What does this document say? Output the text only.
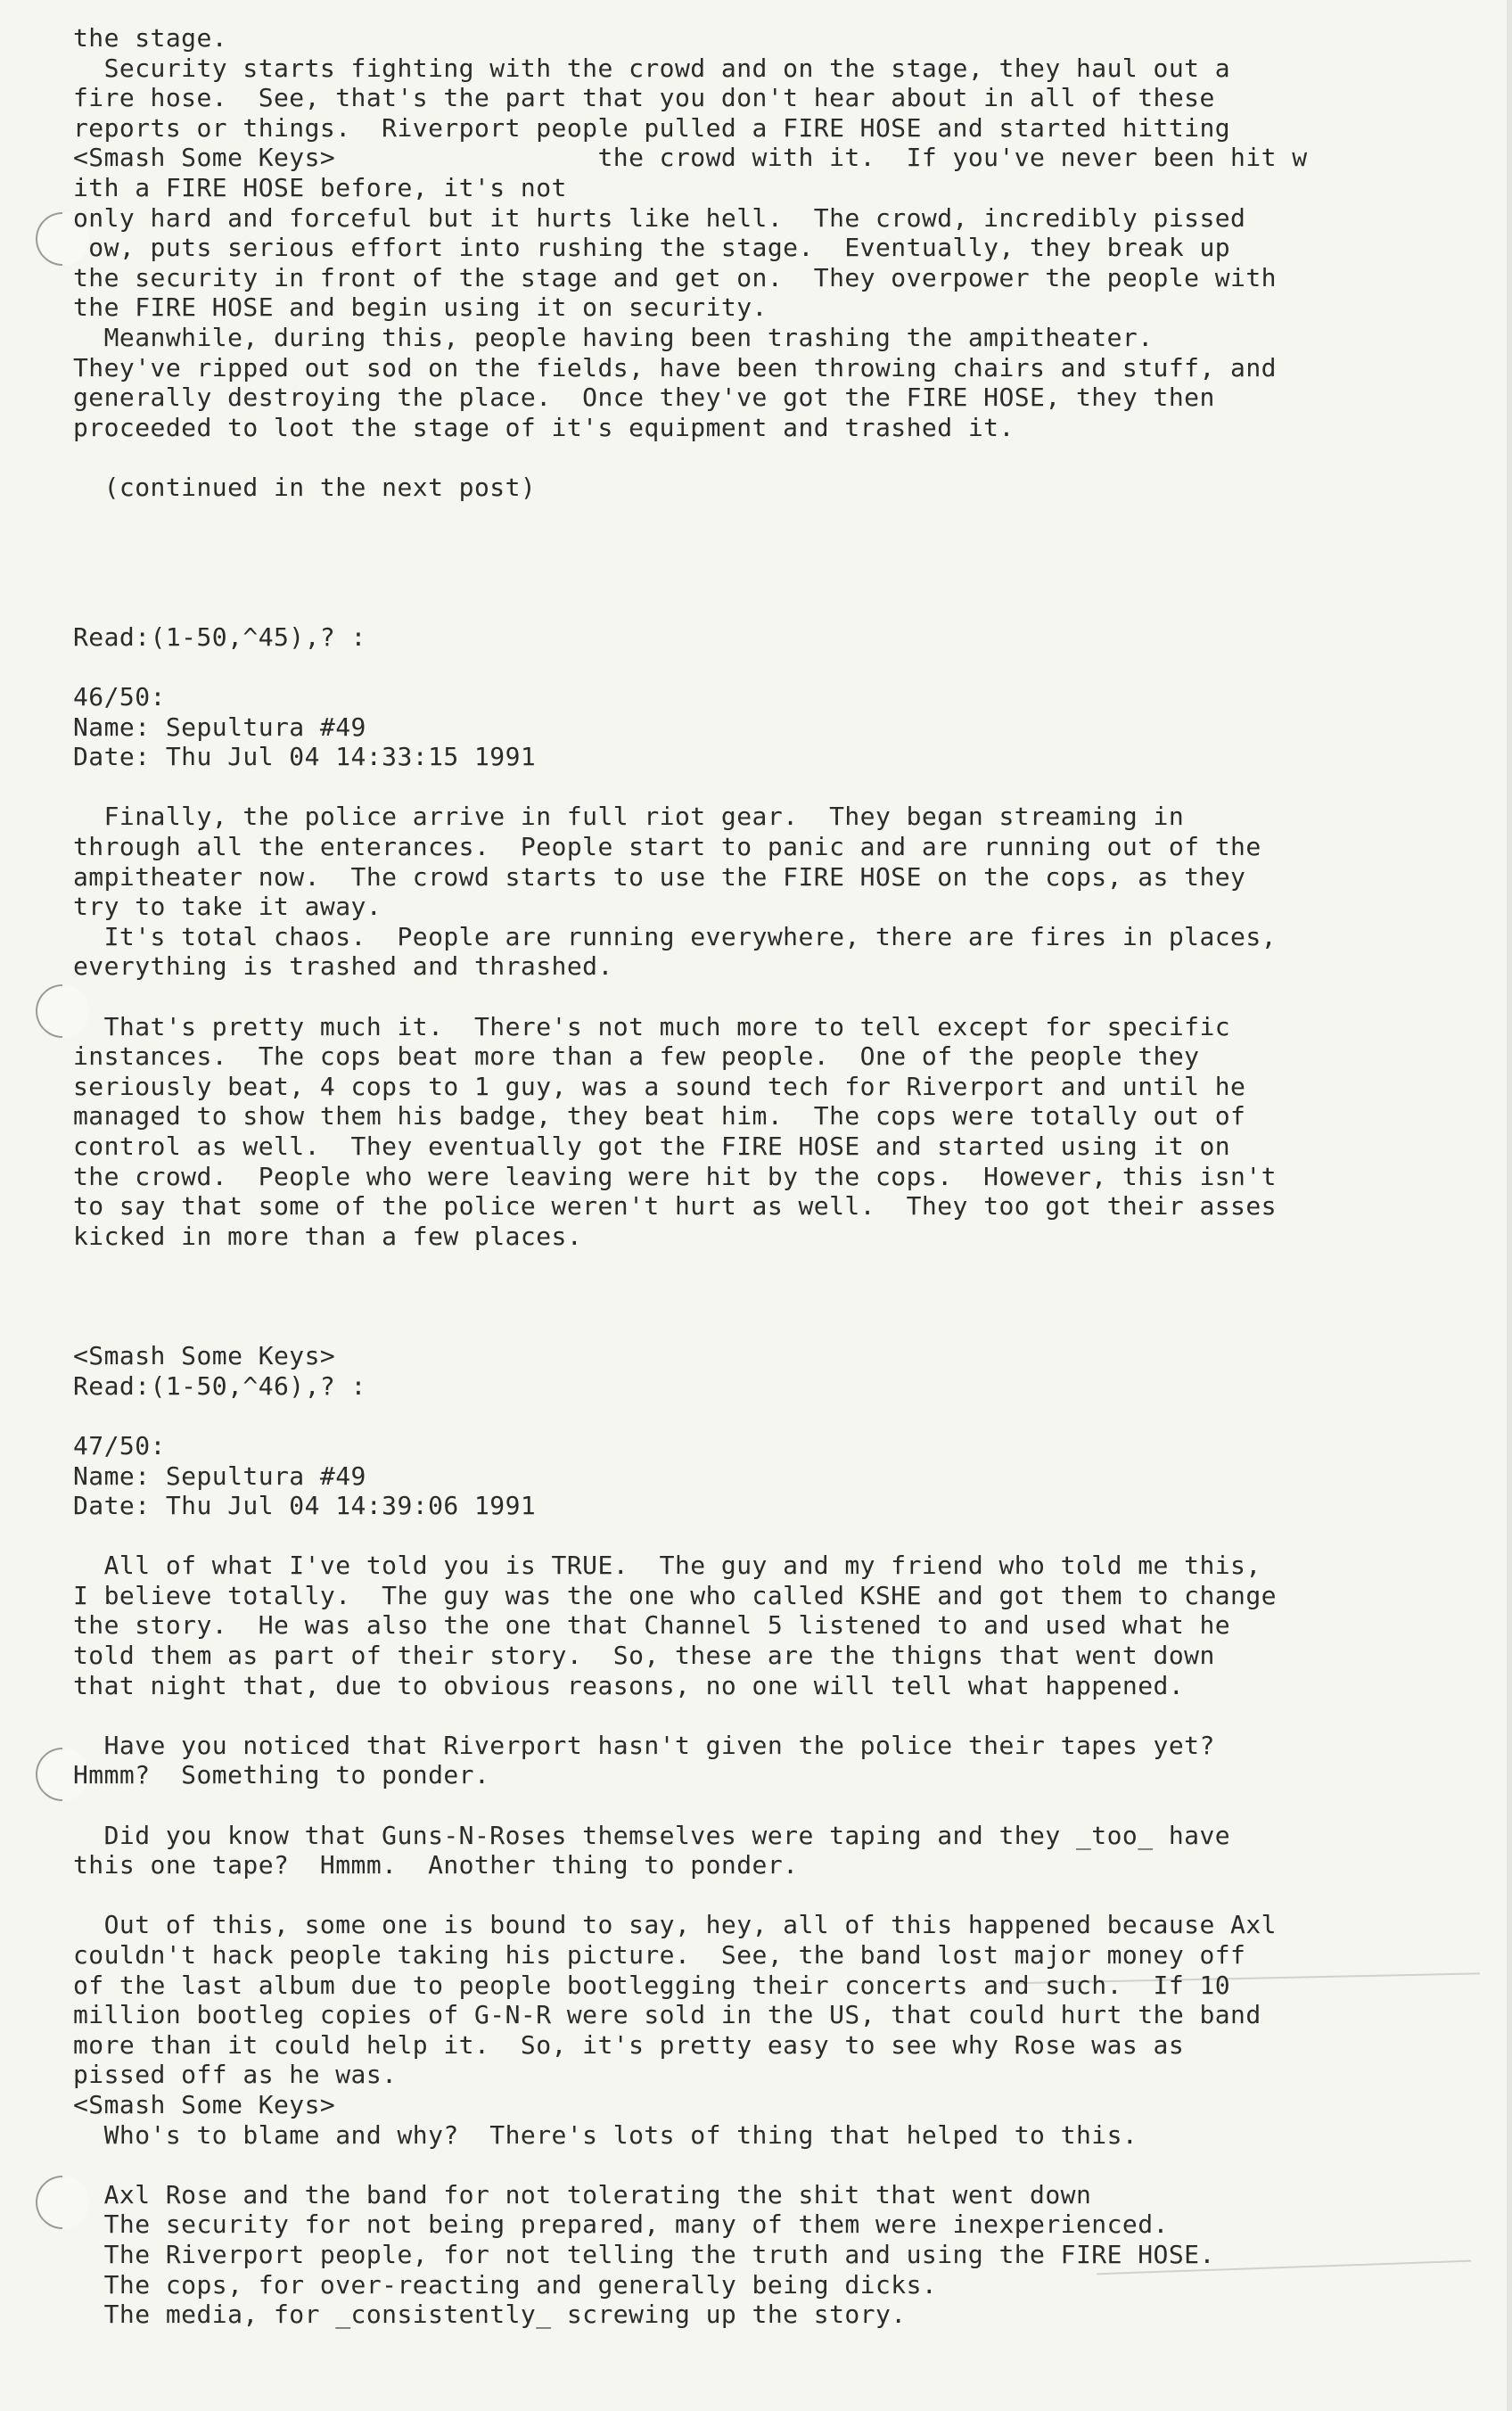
the stage.
Security starts fighting with the crowd and on the stage, they haul out a
fire hose.  See, that's the part that you don't hear about in all of these
reports or things.  Riverport people pulled a FIRE HOSE and started hitting
<Smash Some Keys>                 the crowd with it.  If you've never been hit w
ith a FIRE HOSE before, it's not
only hard and forceful but it hurts like hell.  The crowd, incredibly pissed
ow, puts serious effort into rushing the stage.  Eventually, they break up
the security in front of the stage and get on.  They overpower the people with
the FIRE HOSE and begin using it on security.
Meanwhile, during this, people having been trashing the ampitheater.
They've ripped out sod on the fields, have been throwing chairs and stuff, and
generally destroying the place.  Once they've got the FIRE HOSE, they then
proceeded to loot the stage of it's equipment and trashed it.
(continued in the next post)
Read:(1-50,^45),? :
46/50:
Name: Sepultura #49
Date: Thu Jul 04 14:33:15 1991
Finally, the police arrive in full riot gear.  They began streaming in
through all the enterances.  People start to panic and are running out of the
ampitheater now.  The crowd starts to use the FIRE HOSE on the cops, as they
try to take it away.
It's total chaos.  People are running everywhere, there are fires in places,
everything is trashed and thrashed.
That's pretty much it.  There's not much more to tell except for specific
instances.  The cops beat more than a few people.  One of the people they
seriously beat, 4 cops to 1 guy, was a sound tech for Riverport and until he
managed to show them his badge, they beat him.  The cops were totally out of
control as well.  They eventually got the FIRE HOSE and started using it on
the crowd.  People who were leaving were hit by the cops.  However, this isn't
to say that some of the police weren't hurt as well.  They too got their asses
kicked in more than a few places.
<Smash Some Keys>
Read:(1-50,^46),? :
47/50:
Name: Sepultura #49
Date: Thu Jul 04 14:39:06 1991
All of what I've told you is TRUE.  The guy and my friend who told me this,
I believe totally.  The guy was the one who called KSHE and got them to change
the story.  He was also the one that Channel 5 listened to and used what he
told them as part of their story.  So, these are the thigns that went down
that night that, due to obvious reasons, no one will tell what happened.
Have you noticed that Riverport hasn't given the police their tapes yet?
Hmmm?  Something to ponder.
Did you know that Guns-N-Roses themselves were taping and they _too_ have
this one tape?  Hmmm.  Another thing to ponder.
Out of this, some one is bound to say, hey, all of this happened because Axl
couldn't hack people taking his picture.  See, the band lost major money off
of the last album due to people bootlegging their concerts and such.  If 10
million bootleg copies of G-N-R were sold in the US, that could hurt the band
more than it could help it.  So, it's pretty easy to see why Rose was as
pissed off as he was.
<Smash Some Keys>
Who's to blame and why?  There's lots of thing that helped to this.
Axl Rose and the band for not tolerating the shit that went down
The security for not being prepared, many of them were inexperienced.
The Riverport people, for not telling the truth and using the FIRE HOSE.
The cops, for over-reacting and generally being dicks.
The media, for _consistently_ screwing up the story.
